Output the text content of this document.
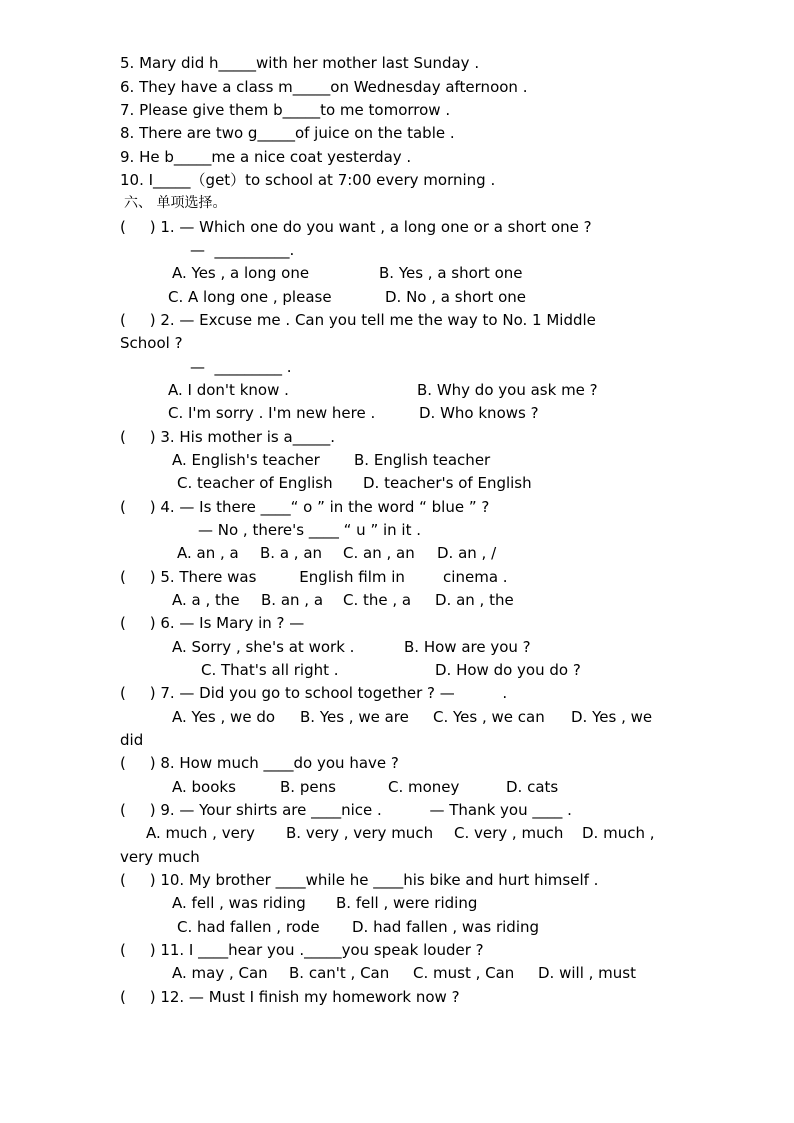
5. Mary did h_____with her mother last Sunday .
6. They have a class m_____on Wednesday afternoon .
7. Please give them b_____to me tomorrow .
8. There are two g_____of juice on the table .
9. He b_____me a nice coat yesterday .
10. I_____（get）to school at 7:00 every morning .
六、 单项选择。
(     ) 1. — Which one do you want , a long one or a short one ?
—  __________.
A. Yes , a long one	B. Yes , a short one
C. A long one , please	D. No , a short one
(     ) 2. — Excuse me . Can you tell me the way to No. 1 Middle
School ?
—  _________ .
A. I don't know .	B. Why do you ask me ?
C. I'm sorry . I'm new here .	D. Who knows ?
(     ) 3. His mother is a_____.
A. English's teacher B. English teacher
C. teacher of English D. teacher's of English
(     ) 4. — Is there ____“ o ” in the word “ blue ” ?
— No , there's ____ “ u ” in it .
A. an , a B. a , an C. an , an D. an , /
(     ) 5. There was         English film in        cinema .
A. a , the B. an , a C. the , a D. an , the
(     ) 6. — Is Mary in ? —
A. Sorry , she's at work .	B. How are you ?
C. That's all right .	D. How do you do ?
(     ) 7. — Did you go to school together ? —          .
A. Yes , we do B. Yes , we are C. Yes , we can D. Yes , we
did
(     ) 8. How much ____do you have ?
A. books	B. pens	C. money	D. cats
(     ) 9. — Your shirts are ____nice .          — Thank you ____ .
A. much , very B. very , very much C. very , much D. much ,
very much
(     ) 10. My brother ____while he ____his bike and hurt himself .
A. fell , was riding B. fell , were riding
C. had fallen , rode D. had fallen , was riding
(     ) 11. I ____hear you ._____you speak louder ?
A. may , Can B. can't , Can C. must , Can D. will , must
(     ) 12. — Must I finish my homework now ?
